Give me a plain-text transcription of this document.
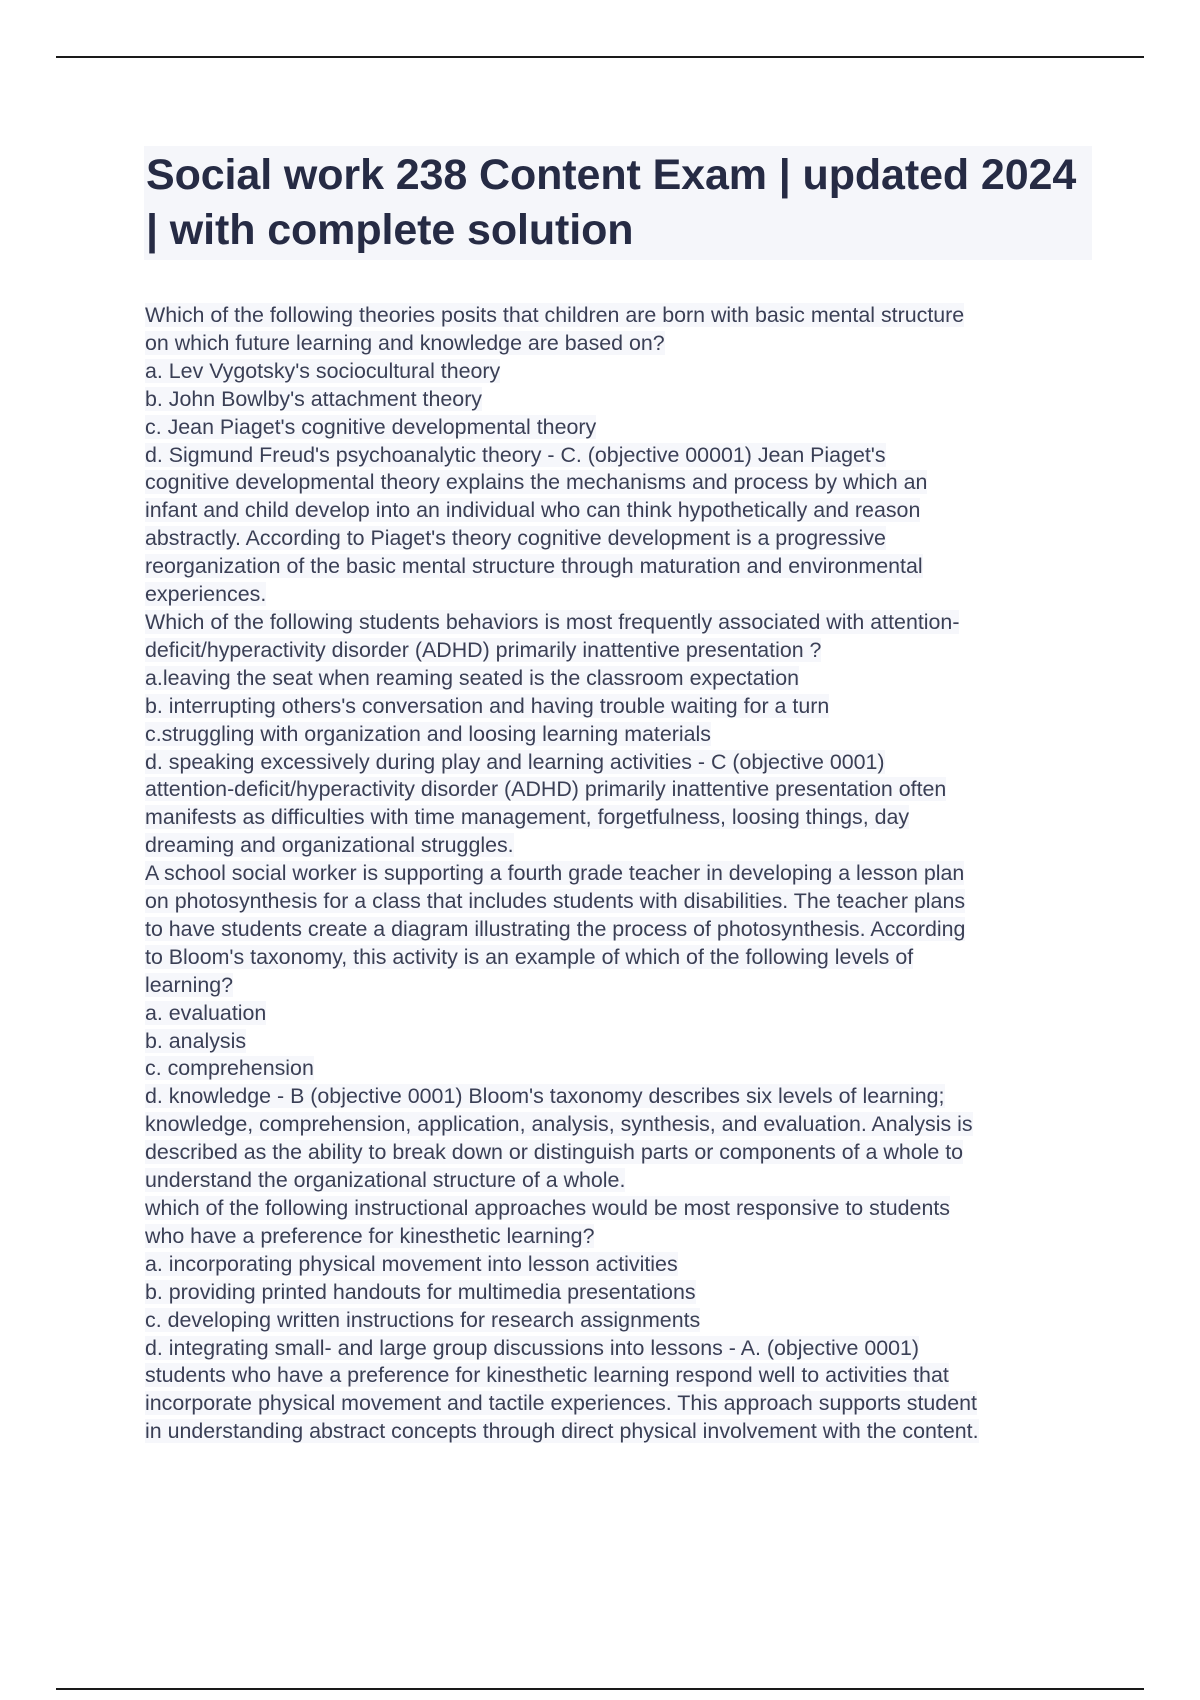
Social work 238 Content Exam | updated 2024 | with complete solution
Which of the following theories posits that children are born with basic mental structure
on which future learning and knowledge are based on?
a. Lev Vygotsky's sociocultural theory
b. John Bowlby's attachment theory
c. Jean Piaget's cognitive developmental theory
d. Sigmund Freud's psychoanalytic theory - C. (objective 00001) Jean Piaget's
cognitive developmental theory explains the mechanisms and process by which an
infant and child develop into an individual who can think hypothetically and reason
abstractly. According to Piaget's theory cognitive development is a progressive
reorganization of the basic mental structure through maturation and environmental
experiences.
Which of the following students behaviors is most frequently associated with attention-
deficit/hyperactivity disorder (ADHD) primarily inattentive presentation ?
a.leaving the seat when reaming seated is the classroom expectation
b. interrupting others's conversation and having trouble waiting for a turn
c.struggling with organization and loosing learning materials
d. speaking excessively during play and learning activities - C (objective 0001)
attention-deficit/hyperactivity disorder (ADHD) primarily inattentive presentation often
manifests as difficulties with time management, forgetfulness, loosing things, day
dreaming and organizational struggles.
A school social worker is supporting a fourth grade teacher in developing a lesson plan
on photosynthesis for a class that includes students with disabilities. The teacher plans
to have students create a diagram illustrating the process of photosynthesis. According
to Bloom's taxonomy, this activity is an example of which of the following levels of
learning?
a. evaluation
b. analysis
c. comprehension
d. knowledge - B (objective 0001) Bloom's taxonomy describes six levels of learning;
knowledge, comprehension, application, analysis, synthesis, and evaluation. Analysis is
described as the ability to break down or distinguish parts or components of a whole to
understand the organizational structure of a whole.
which of the following instructional approaches would be most responsive to students
who have a preference for kinesthetic learning?
a. incorporating physical movement into lesson activities
b. providing printed handouts for multimedia presentations
c. developing written instructions for research assignments
d. integrating small- and large group discussions into lessons - A. (objective 0001)
students who have a preference for kinesthetic learning respond well to activities that
incorporate physical movement and tactile experiences. This approach supports student
in understanding abstract concepts through direct physical involvement with the content.
